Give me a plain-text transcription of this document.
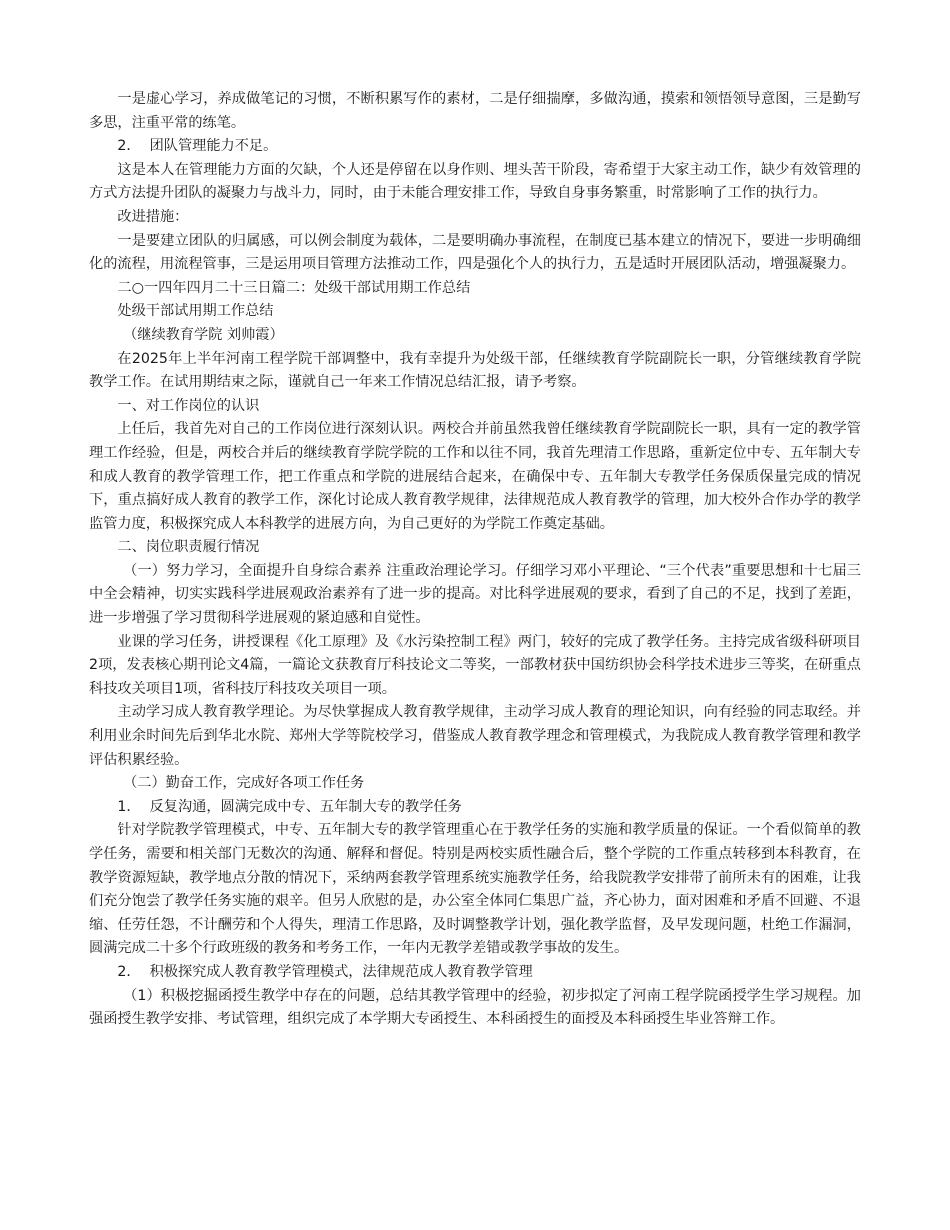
一是虚心学习，养成做笔记的习惯，不断积累写作的素材，二是仔细揣摩，多做沟通，摸索和领悟领导意图，三是勤写多思，注重平常的练笔。

2．  团队管理能力不足。

这是本人在管理能力方面的欠缺，个人还是停留在以身作则、埋头苦干阶段，寄希望于大家主动工作，缺少有效管理的方式方法提升团队的凝聚力与战斗力，同时，由于未能合理安排工作，导致自身事务繁重，时常影响了工作的执行力。

改进措施：

一是要建立团队的归属感，可以例会制度为载体，二是要明确办事流程，在制度已基本建立的情况下，要进一步明确细化的流程，用流程管事，三是运用项目管理方法推动工作，四是强化个人的执行力，五是适时开展团队活动，增强凝聚力。

二○一四年四月二十三日篇二：处级干部试用期工作总结

处级干部试用期工作总结

（继续教育学院 刘帅霞）

在2025年上半年河南工程学院干部调整中，我有幸提升为处级干部，任继续教育学院副院长一职，分管继续教育学院教学工作。在试用期结束之际，谨就自己一年来工作情况总结汇报，请予考察。

一、对工作岗位的认识

上任后，我首先对自己的工作岗位进行深刻认识。两校合并前虽然我曾任继续教育学院副院长一职，具有一定的教学管理工作经验，但是，两校合并后的继续教育学院学院的工作和以往不同，我首先理清工作思路，重新定位中专、五年制大专和成人教育的教学管理工作，把工作重点和学院的进展结合起来，在确保中专、五年制大专教学任务保质保量完成的情况下，重点搞好成人教育的教学工作，深化讨论成人教育教学规律，法律规范成人教育教学的管理，加大校外合作办学的教学监管力度，积极探究成人本科教学的进展方向，为自己更好的为学院工作奠定基础。

二、岗位职责履行情况

（一）努力学习，全面提升自身综合素养 注重政治理论学习。仔细学习邓小平理论、“三个代表”重要思想和十七届三中全会精神，切实实践科学进展观政治素养有了进一步的提高。对比科学进展观的要求，看到了自己的不足，找到了差距，进一步增强了学习贯彻科学进展观的紧迫感和自觉性。

业课的学习任务，讲授课程《化工原理》及《水污染控制工程》两门，较好的完成了教学任务。主持完成省级科研项目2项，发表核心期刊论文4篇，一篇论文获教育厅科技论文二等奖，一部教材获中国纺织协会科学技术进步三等奖，在研重点科技攻关项目1项，省科技厅科技攻关项目一项。

主动学习成人教育教学理论。为尽快掌握成人教育教学规律，主动学习成人教育的理论知识，向有经验的同志取经。并利用业余时间先后到华北水院、郑州大学等院校学习，借鉴成人教育教学理念和管理模式，为我院成人教育教学管理和教学评估积累经验。

（二）勤奋工作，完成好各项工作任务

1．  反复沟通，圆满完成中专、五年制大专的教学任务

针对学院教学管理模式，中专、五年制大专的教学管理重心在于教学任务的实施和教学质量的保证。一个看似简单的教学任务，需要和相关部门无数次的沟通、解释和督促。特别是两校实质性融合后，整个学院的工作重点转移到本科教育，在教学资源短缺，教学地点分散的情况下，采纳两套教学管理系统实施教学任务，给我院教学安排带了前所未有的困难，让我们充分饱尝了教学任务实施的艰辛。但另人欣慰的是，办公室全体同仁集思广益，齐心协力，面对困难和矛盾不回避、不退缩、任劳任怨，不计酬劳和个人得失，理清工作思路，及时调整教学计划，强化教学监督，及早发现问题，杜绝工作漏洞，圆满完成二十多个行政班级的教务和考务工作，一年内无教学差错或教学事故的发生。

2．  积极探究成人教育教学管理模式，法律规范成人教育教学管理

（1）积极挖掘函授生教学中存在的问题，总结其教学管理中的经验，初步拟定了河南工程学院函授学生学习规程。加强函授生教学安排、考试管理，组织完成了本学期大专函授生、本科函授生的面授及本科函授生毕业答辩工作。
